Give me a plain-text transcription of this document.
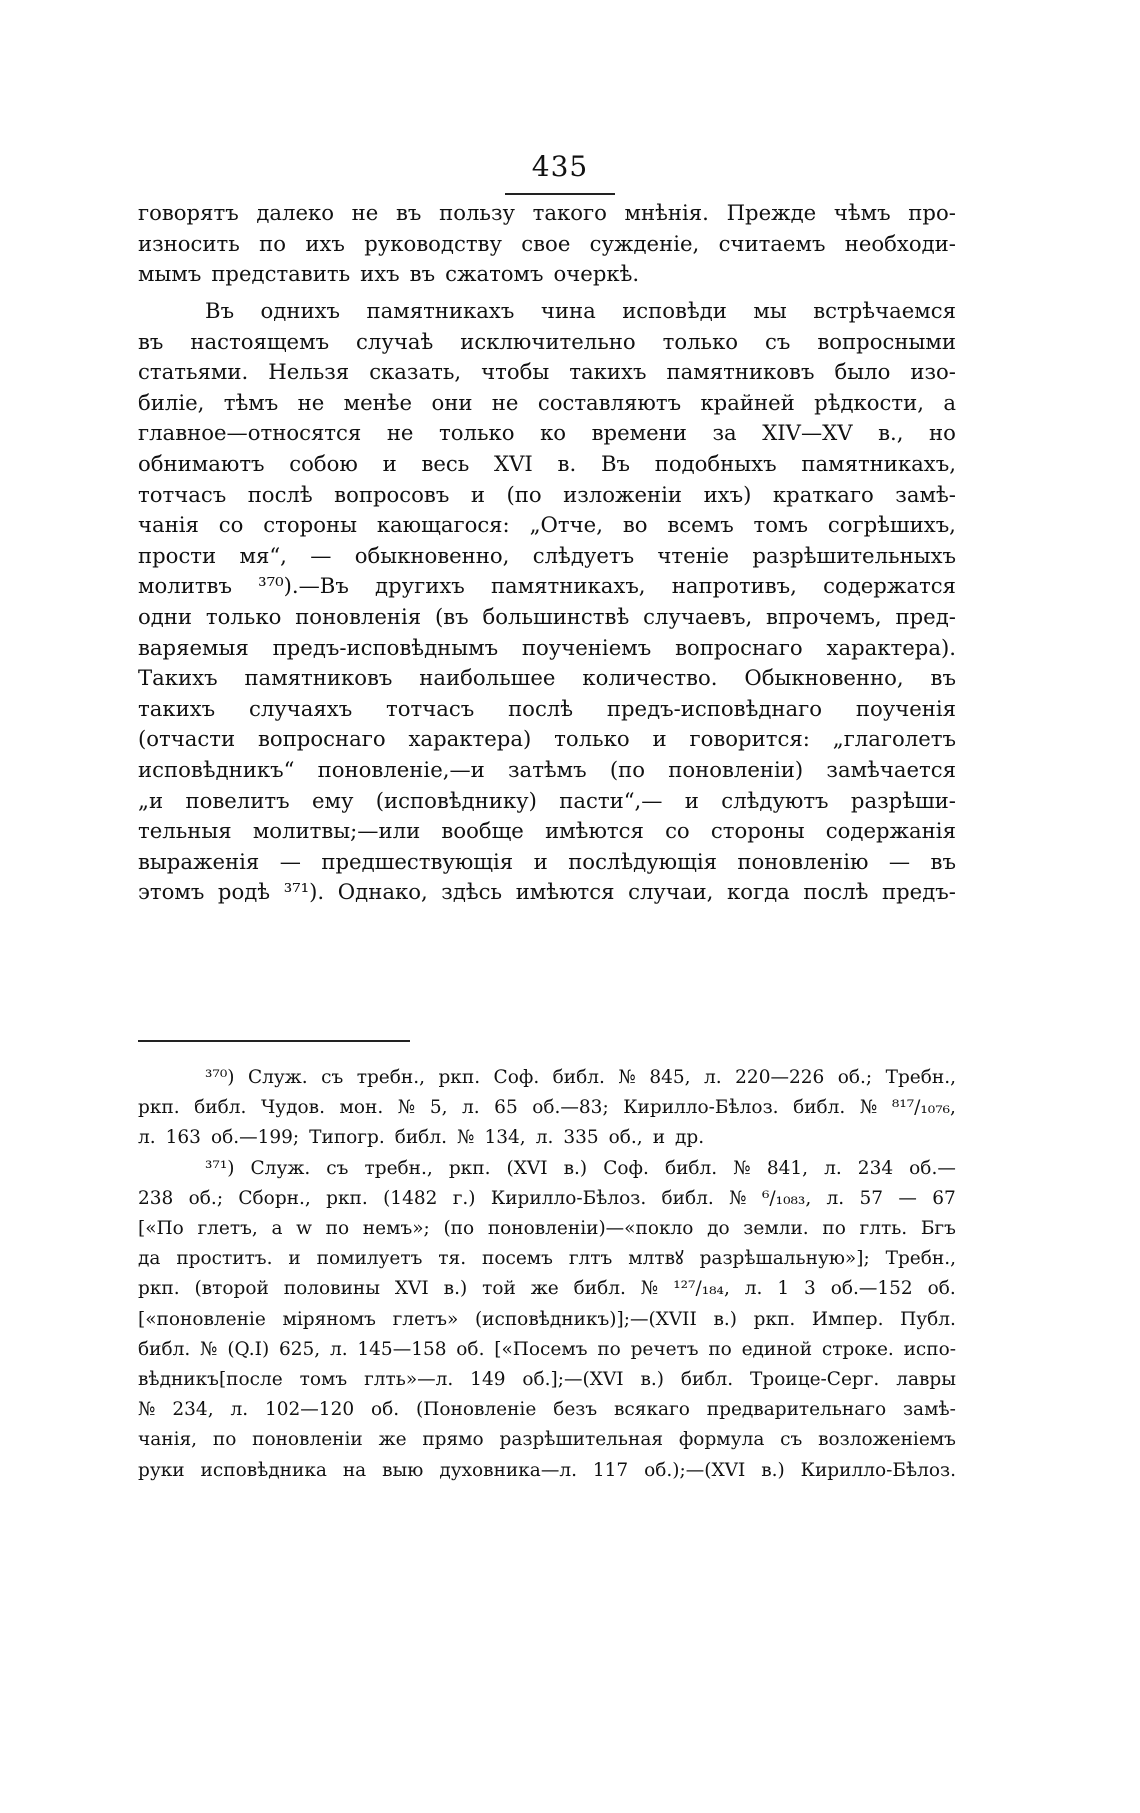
435
говорятъ далеко не въ пользу такого мнѣнія. Прежде чѣмъ про-
износить по ихъ руководству свое сужденіе, считаемъ необходи-
мымъ представить ихъ въ сжатомъ очеркѣ.
Въ однихъ памятникахъ чина исповѣди мы встрѣчаемся
въ настоящемъ случаѣ исключительно только съ вопросными
статьями. Нельзя сказать, чтобы такихъ памятниковъ было изо-
биліе, тѣмъ не менѣе они не составляютъ крайней рѣдкости, а
главное—относятся не только ко времени за XIV—XV в., но
обнимаютъ собою и весь XVI в. Въ подобныхъ памятникахъ,
тотчасъ послѣ вопросовъ и (по изложеніи ихъ) краткаго замѣ-
чанія со стороны кающагося: „Отче, во всемъ томъ согрѣшихъ,
прости мя“, — обыкновенно, слѣдуетъ чтеніе разрѣшительныхъ
молитвъ ³⁷⁰).—Въ другихъ памятникахъ, напротивъ, содержатся
одни только поновленія (въ большинствѣ случаевъ, впрочемъ, пред-
варяемыя предъ-исповѣднымъ поученіемъ вопроснаго характера).
Такихъ памятниковъ наибольшее количество. Обыкновенно, въ
такихъ случаяхъ тотчасъ послѣ предъ-исповѣднаго поученія
(отчасти вопроснаго характера) только и говорится: „глаголетъ
исповѣдникъ“ поновленіе,—и затѣмъ (по поновленіи) замѣчается
„и повелитъ ему (исповѣднику) пасти“,— и слѣдуютъ разрѣши-
тельныя молитвы;—или вообще имѣются со стороны содержанія
выраженія — предшествующія и послѣдующія поновленію — въ
этомъ родѣ ³⁷¹). Однако, здѣсь имѣются случаи, когда послѣ предъ-
³⁷⁰) Служ. съ требн., ркп. Соф. библ. № 845, л. 220—226 об.; Требн.,
ркп. библ. Чудов. мон. № 5, л. 65 об.—83; Кирилло-Бѣлоз. библ. № ⁸¹⁷/₁₀₇₆,
л. 163 об.—199; Типогр. библ. № 134, л. 335 об., и др.
³⁷¹) Служ. съ требн., ркп. (XVI в.) Соф. библ. № 841, л. 234 об.—
238 об.; Сборн., ркп. (1482 г.) Кирилло-Бѣлоз. библ. № ⁶/₁₀₈₃, л. 57 — 67
[«По глетъ, а w по немъ»; (по поновленіи)—«покло до земли. по глть. Бгъ
да проститъ. и помилуетъ тя. посемъ глтъ млтвꙋ разрѣшальную»]; Требн.,
ркп. (второй половины XVI в.) той же библ. № ¹²⁷/₁₈₄, л. 1 3 об.—152 об.
[«поновленіе міряномъ глетъ» (исповѣдникъ)];—(XVII в.) ркп. Импер. Публ.
библ. № (Q.I) 625, л. 145—158 об. [«Посемъ по речетъ по единой строке. испо-
вѣдникъ[после томъ глть»—л. 149 об.];—(XVI в.) библ. Троице-Серг. лавры
№ 234, л. 102—120 об. (Поновленіе безъ всякаго предварительнаго замѣ-
чанія, по поновленіи же прямо разрѣшительная формула съ возложеніемъ
руки исповѣдника на выю духовника—л. 117 об.);—(XVI в.) Кирилло-Бѣлоз.
